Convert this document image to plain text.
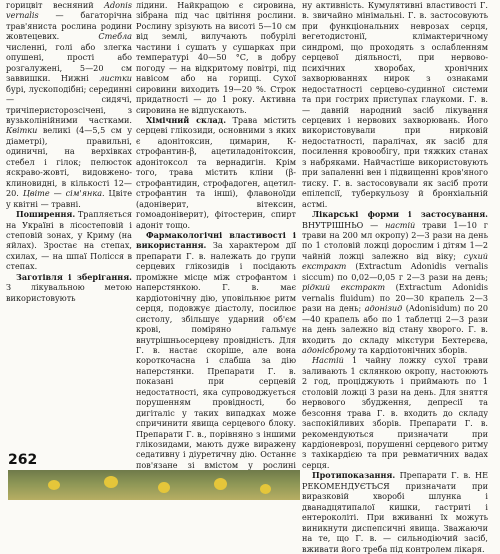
горицвіт весняний Adonis vernalis — багаторічна трав'яниста рослина родини жовтецевих. Стебла численні, голі або злегка опушені, прості або розгалужені, 5—20 см заввишки. Нижні листки бурі, лускоподібні; серединні — сидячі, тричіперисторозсічені, з вузьколінійними частками. Квітки великі (4—5,5 см у діаметрі), правильні, одиничні, на верхівках стебел і гілок; пелюсток яскраво-жовті, видовжено-клиновидні, в кількості 12—20. Цвіте — сім'янка. Цвіте у квітні — травні.

Поширення. Трапляється на Україні в лісостеповій і степовій зонах, у Криму (на яйлах). Зростає на степах, схилах, — на шпаї Полісся в степах.

Заготівля і зберігання. З лікувальною метою використовують

лідини. Найкращою є сировина, зібрана під час цвітіння рослини. Рослину зрізують на висоті 5—10 см від землі, вилучають побурілі частини і сушать у сушарках при температурі 40—50 °С, в добру погоду — на відкритому повітрі, під навісом або на горищі. Сухої сировини виходить 19—20 %. Строк придатності — до 1 року. Активна сировина не відпускають.

Хімічний склад. Трава містить серцеві глікозиди, основними з яких є адонітоксин, цимарин, К-строфантин-β, ацетиладонітоксин, адонітоксол та вернадигін. Крім того, трава містить кліни (β-строфантидин, строфадоген, ацетил-строфантин та інші), флавоноїди (адоніверит, вітексин, гомоадоніверит), фітостерин, спирт адоніт тощо.

Фармакологічні властивості і використання. За характером дії препарати Г. в. належать до групи серцевих глікозидів і посідають проміжне місце між строфантом і наперстянкою. Г. в. має кардіотонічну дію, уповільнює ритм серця, подовжує діастолу, посилює систолу, збільшує ударний об'єм крові, поміряно гальмує внутрішньосерцеву провідність. Для Г. в. настає скоріше, але вона короткочасна і слабша за дію наперстянки. Препарати Г. в. показані при серцевій недостатності, яка супроводжується порушенням провідності, бо дигіталіс у таких випадках може спричинити явища серцевого блоку. Препарати Г. в., порівняно з іншими глікозидами, мають дуже виражену седативну і діуретичну дію. Останнє пов'язане зі вмістом у рослині

ну активність. Кумулятивні властивості Г. в. звичайно мінімальні. Г. в. застосовують при функціональних неврозах серця, вегетодистонії, клімактеричному синдромі, що проходять з ослабленням серцевої діяльності, при нервово-психічних хворобах, хронічних захворюваннях нирок з ознаками недостатності серцево-судинної системи та при гострих приступах глаукоми. Г. в. — давній народний засіб лікування серцевих і нервових захворювань. Його використовували при нирковій недостатності, паралічах, як засіб для посилення кровообігу, при тяжких станах з набряками. Найчастіше використовують при запаленні вен і підвищенні кров'яного тиску. Г. в. застосовували як засіб проти епілепсії, туберкульозу й бронхіальній астмі.

Лікарські форми і застосування. ВНУТРІШНЬО — настій трави 1—10 г трави на 200 мл окропу) 2—3 рази на день по 1 столовій ложці дорослим і дітям 1—2 чайній ложці залежно від віку; сухий екстракт (Extractum Adonidis vernalis siccum) по 0,02—0,05 г 2—3 рази на день; рідкий екстракт (Extractum Adonidis vernalis fluidum) по 20—30 крапель 2—3 рази на день; адонізид (Adonisidum) по 20—40 крапель або по 1 таблетці 2—3 рази на день залежно від стану хворого. Г. в. входить до складу мікстури Бехтерєва, адонісброму та кардіотонічних зборів.

Настій 1 чайну ложку сухої трави заливають 1 склянкою окропу, настоюють 2 год, проціджують і приймають по 1 столовій ложці 3 рази на день. Для зняття нервового збудження, депресії та безсоння трава Г. в. входить до складу заспокійливих зборів. Препарати Г. в. рекомендуються призначати при кардіоневрозі, порушенні серцевого ритму з тахікардією та при ревматичних вадах серця.

Протипоказання. Препарати Г. в. НЕ РЕКОМЕНДУЄТЬСЯ призначати при виразковій хворобі шлунка і дванадцятипалої кишки, гастриті і ентероколіті. При вживанні їх можуть виникнути диспепсичні явища. Зважаючи на те, що Г. в. — сильнодіючий засіб, вживати його треба під контролем лікаря.

262
